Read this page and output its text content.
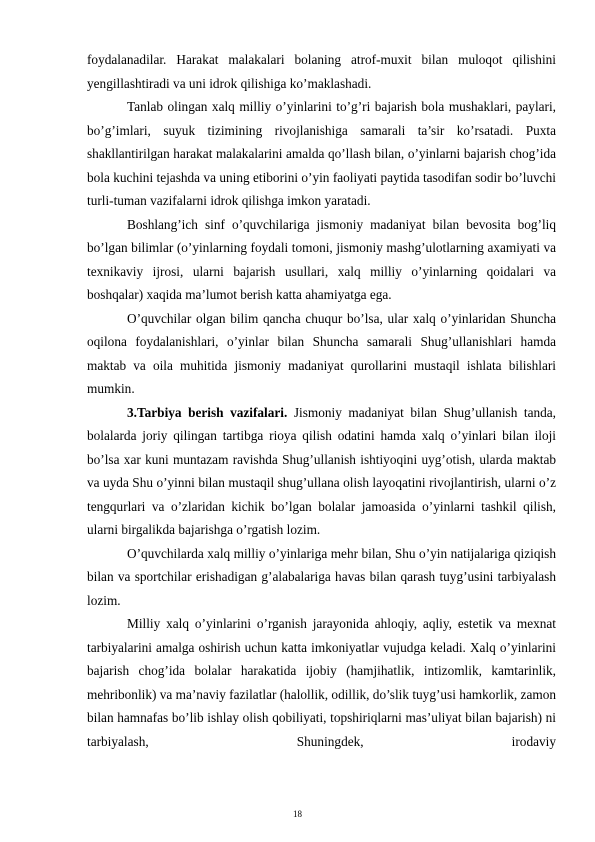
foydalanadilar. Harakat malakalari bolaning atrof-muxit bilan muloqot qilishini yengillashtiradi va uni idrok qilishiga ko’maklashadi.

Tanlab olingan xalq milliy o’yinlarini to’g’ri bajarish bola mushaklari, paylari, bo’g’imlari, suyuk tizimining rivojlanishiga samarali ta’sir ko’rsatadi. Puxta shakllantirilgan harakat malakalarini amalda qo’llash bilan, o’yinlarni bajarish chog’ida bola kuchini tejashda va uning etiborini o’yin faoliyati paytida tasodifan sodir bo’luvchi turli-tuman vazifalarni idrok qilishga imkon yaratadi.

Boshlang’ich sinf o’quvchilariga jismoniy madaniyat bilan bevosita bog’liq bo’lgan bilimlar (o’yinlarning foydali tomoni, jismoniy mashg’ulotlarning axamiyati va texnikaviy ijrosi, ularni bajarish usullari, xalq milliy o’yinlarning qoidalari va boshqalar) xaqida ma’lumot berish katta ahamiyatga ega.

O’quvchilar olgan bilim qancha chuqur bo’lsa, ular xalq o’yinlaridan Shuncha oqilona foydalanishlari, o’yinlar bilan Shuncha samarali Shug’ullanishlari hamda maktab va oila muhitida jismoniy madaniyat qurollarini mustaqil ishlata bilishlari mumkin.

3.Tarbiya berish vazifalari. Jismoniy madaniyat bilan Shug’ullanish tanda, bolalarda joriy qilingan tartibga rioya qilish odatini hamda xalq o’yinlari bilan iloji bo’lsa xar kuni muntazam ravishda Shug’ullanish ishtiyoqini uyg’otish, ularda maktab va uyda Shu o’yinni bilan mustaqil shug’ullana olish layoqatini rivojlantirish, ularni o’z tengqurlari va o’zlaridan kichik bo’lgan bolalar jamoasida o’yinlarni tashkil qilish, ularni birgalikda bajarishga o’rgatish lozim.

O’quvchilarda xalq milliy o’yinlariga mehr bilan, Shu o’yin natijalariga qiziqish bilan va sportchilar erishadigan g’alabalariga havas bilan qarash tuyg’usini tarbiyalash lozim.

Milliy xalq o’yinlarini o’rganish jarayonida ahloqiy, aqliy, estetik va mexnat tarbiyalarini amalga oshirish uchun katta imkoniyatlar vujudga keladi. Xalq o’yinlarini bajarish chog’ida bolalar harakatida ijobiy (hamjihatlik, intizomlik, kamtarinlik, mehribonlik) va ma’naviy fazilatlar (halollik, odillik, do’slik tuyg’usi hamkorlik, zamon bilan hamnafas bo’lib ishlay olish qobiliyati, topshiriqlarni mas’uliyat bilan bajarish) ni tarbiyalash, Shuningdek, irodaviy

18
